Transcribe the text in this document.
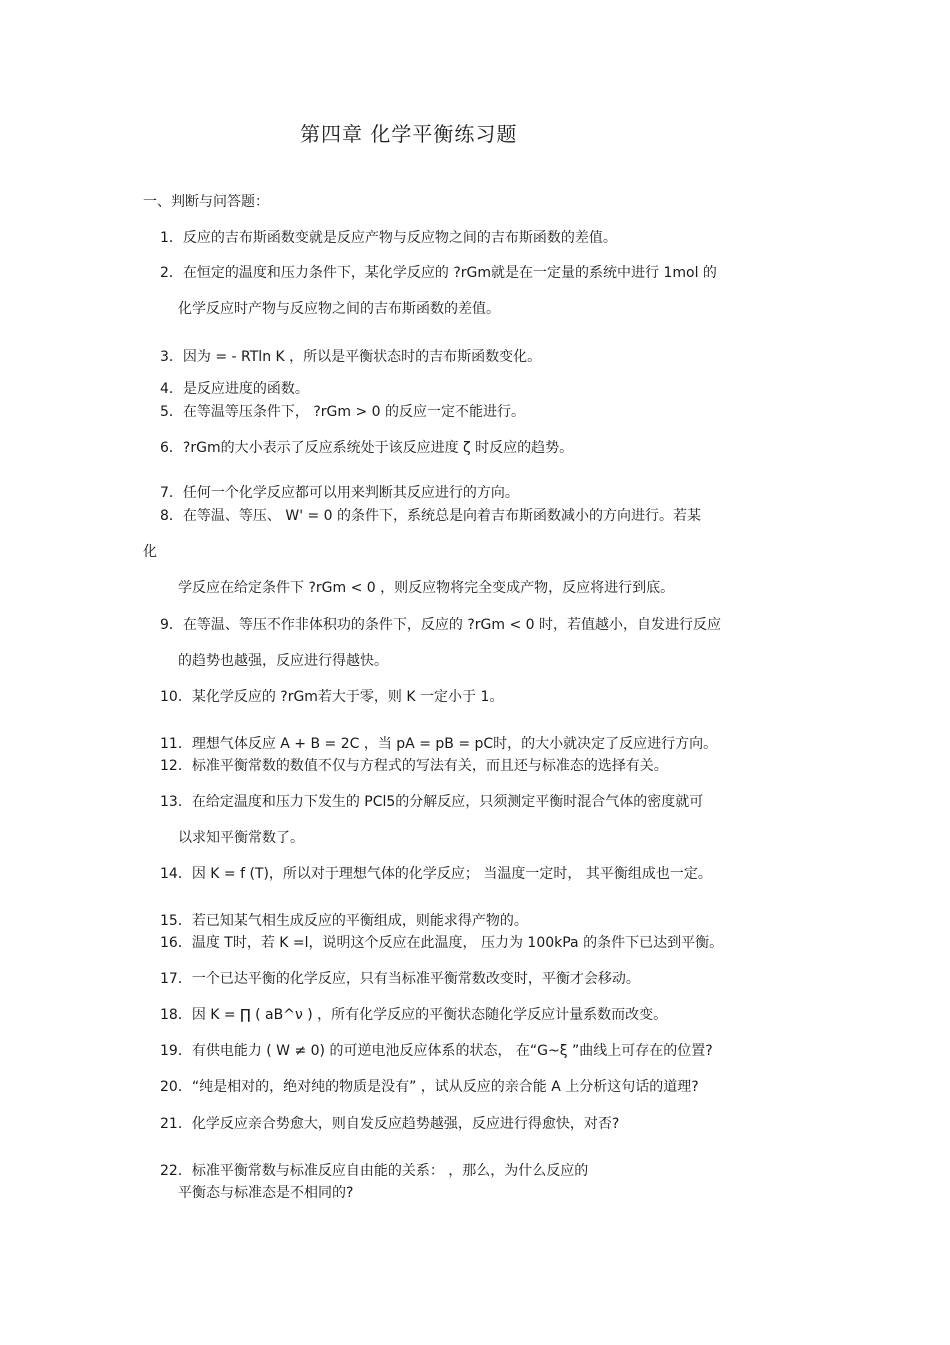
第四章 化学平衡练习题
一、判断与问答题：
1．反应的吉布斯函数变就是反应产物与反应物之间的吉布斯函数的差值。
2．在恒定的温度和压力条件下，某化学反应的 ?rGm就是在一定量的系统中进行 1mol 的
化学反应时产物与反应物之间的吉布斯函数的差值。
3．因为 = - RTln K ，所以是平衡状态时的吉布斯函数变化。
4．是反应进度的函数。
5．在等温等压条件下， ?rGm > 0 的反应一定不能进行。
6．?rGm的大小表示了反应系统处于该反应进度 ζ 时反应的趋势。
7．任何一个化学反应都可以用来判断其反应进行的方向。
8．在等温、等压、 W' = 0 的条件下，系统总是向着吉布斯函数减小的方向进行。若某
化
学反应在给定条件下 ?rGm < 0 ，则反应物将完全变成产物，反应将进行到底。
9．在等温、等压不作非体积功的条件下，反应的 ?rGm < 0 时，若值越小，自发进行反应
的趋势也越强，反应进行得越快。
10．某化学反应的 ?rGm若大于零，则 K 一定小于 1。
11．理想气体反应 A + B = 2C ，当 pA = pB = pC时，的大小就决定了反应进行方向。
12．标准平衡常数的数值不仅与方程式的写法有关，而且还与标准态的选择有关。
13．在给定温度和压力下发生的 PCl5的分解反应，只须测定平衡时混合气体的密度就可
以求知平衡常数了。
14．因 K = f (T)，所以对于理想气体的化学反应； 当温度一定时， 其平衡组成也一定。
15．若已知某气相生成反应的平衡组成，则能求得产物的。
16．温度 T时，若 K =l，说明这个反应在此温度， 压力为 100kPa 的条件下已达到平衡。
17．一个已达平衡的化学反应，只有当标准平衡常数改变时，平衡才会移动。
18．因 K = ∏ ( aB^ν ) ，所有化学反应的平衡状态随化学反应计量系数而改变。
19．有供电能力 ( W ≠ 0) 的可逆电池反应体系的状态， 在“G~ξ ”曲线上可存在的位置?
20．“纯是相对的，绝对纯的物质是没有” ，试从反应的亲合能 A 上分析这句话的道理?
21．化学反应亲合势愈大，则自发反应趋势越强，反应进行得愈快，对否?
22．标准平衡常数与标准反应自由能的关系： ，那么，为什么反应的
平衡态与标准态是不相同的?
